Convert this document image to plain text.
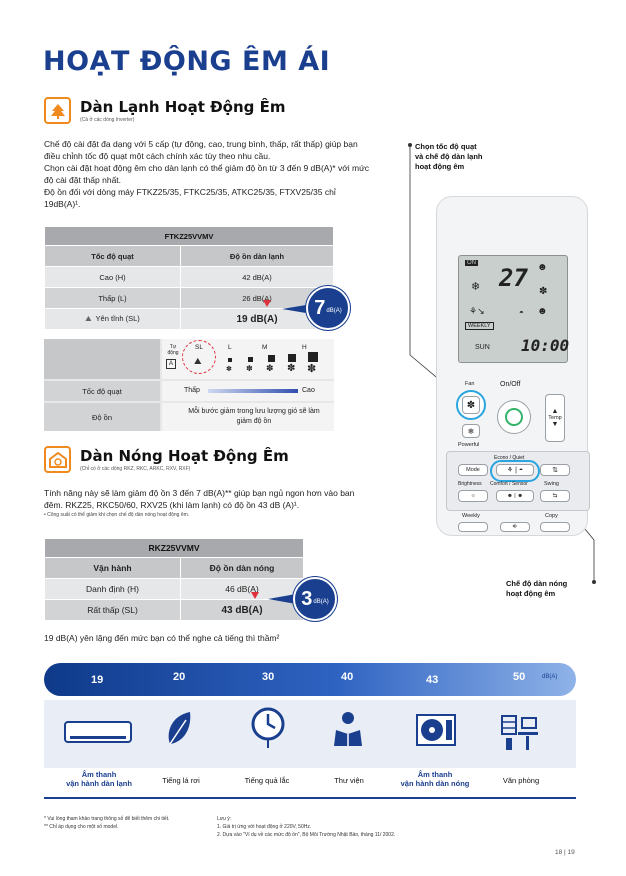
HOẠT ĐỘNG ÊM ÁI
Dàn Lạnh Hoạt Động Êm
(Cả ở các dòng Inverter)
Chế độ cài đặt đa dạng với 5 cấp (tự động, cao, trung bình, thấp, rất thấp) giúp bạn điều chỉnh tốc độ quạt một cách chính xác tùy theo nhu cầu.
Chọn cài đặt hoạt động êm cho dàn lạnh có thể giảm độ ồn từ 3 đến 9 dB(A)* với mức độ cài đặt thấp nhất.
Độ ồn đối với dòng máy FTKZ25/35, FTKC25/35, ATKC25/35, FTXV25/35 chỉ 19dB(A)¹.
FTKZ25VVMV	
Tốc độ quạt	Độ ồn dàn lạnh
Cao (H)	42 dB(A)
Thấp (L)	26 dB(A)
⛰ Yên tĩnh (SL)	19 dB(A)
7 dB(A)
Tự động
A
SL
⛰
L	M	H
✽ ✽ ✽ ✽ ✽
Tốc độ quạt	Thấp	Cao
Độ ồn
Mỗi bước giảm trong lưu lượng gió sẽ làm giảm độ ồn
Dàn Nóng Hoạt Động Êm
(Chỉ có ở các dòng RKZ, RKC, ARKC, RXV, RXF)
Tính năng này sẽ làm giảm độ ồn 3 đến 7 dB(A)** giúp bạn ngủ ngon hơn vào ban đêm. RKZ25, RKC50/60, RXV25 (khi làm lạnh) có độ ồn 43 dB (A)¹.
• Công suất có thể giảm khi chọn chế độ dàn nóng hoạt động êm.
RKZ25VVMV	
Vận hành	Độ ồn dàn nóng
Danh định (H)	46 dB(A)
Rất thấp (SL)	43 dB(A)
3 dB(A)
19 dB(A) yên lặng đến mức bạn có thể nghe cả tiếng thì thầm²
19	20	30	40	43	50	dB(A)
Âm thanh
vận hành dàn lạnh	Tiếng lá rơi	Tiếng quả lắc	Thư viện
Âm thanh
vận hành dàn nóng	Văn phòng
* Vui lòng tham khảo trang thông số để biết thêm chi tiết.
** Chỉ áp dụng cho một số model.
Lưu ý:
1. Giá trị ứng với hoạt động ở 220V, 50Hz.
2. Dựa vào "Ví dụ về các mức độ ồn", Bộ Môi Trường Nhật Bản, tháng 11/ 2002.
18 | 19
Chọn tốc độ quạt
và chế độ dàn lạnh
hoạt động êm
Chế độ dàn nóng
hoạt động êm
ON
27 ☻
❄	✽
⚘↘	◓ ☻
WEEKLY
SUN 10:00
Fan
✽
On/Off
▲
Temp
▼
❄
Powerful
Econo / Quiet
Mode	⚘ | ◓	⇅
Brightness Comfort / Sensor	Swing
☼	☻ | ☻	⇆
Weekly	Copy
⎆
